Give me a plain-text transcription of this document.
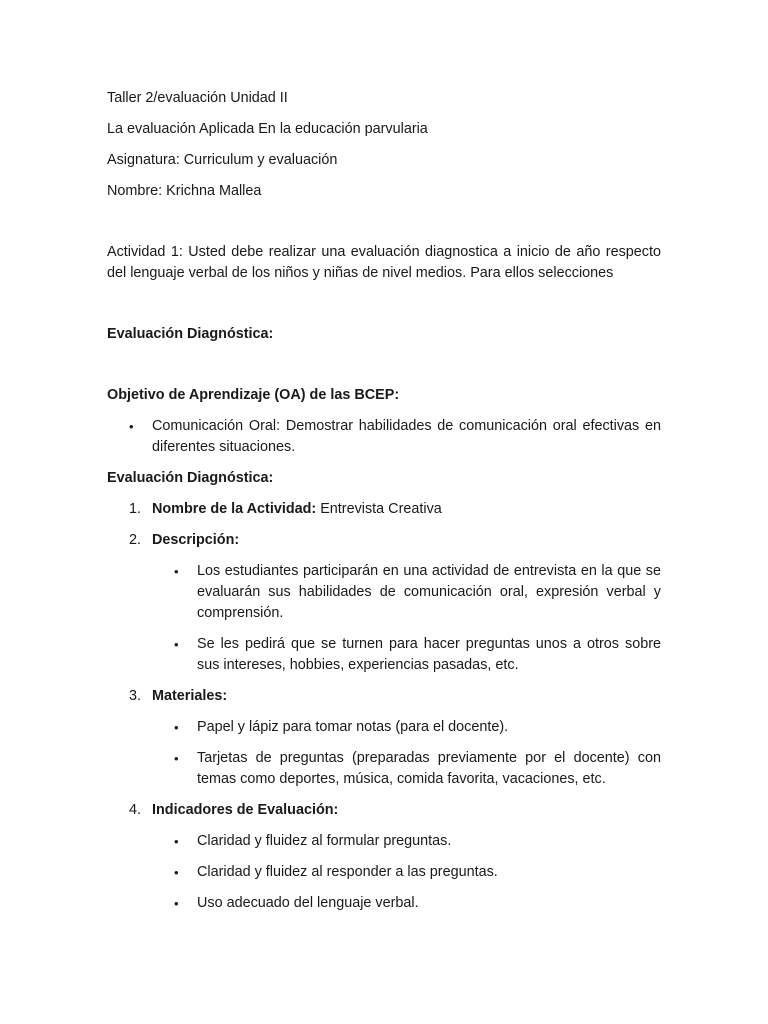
Taller 2/evaluación Unidad II

La evaluación Aplicada En la educación parvularia

Asignatura: Curriculum y evaluación

Nombre: Krichna Mallea

Actividad 1: Usted debe realizar una evaluación diagnostica a inicio de año respecto del lenguaje verbal de los niños y niñas de nivel medios. Para ellos selecciones

Evaluación Diagnóstica:

Objetivo de Aprendizaje (OA) de las BCEP:

• Comunicación Oral: Demostrar habilidades de comunicación oral efectivas en diferentes situaciones.

Evaluación Diagnóstica:

1. Nombre de la Actividad: Entrevista Creativa
2. Descripción:
• Los estudiantes participarán en una actividad de entrevista en la que se evaluarán sus habilidades de comunicación oral, expresión verbal y comprensión.
• Se les pedirá que se turnen para hacer preguntas unos a otros sobre sus intereses, hobbies, experiencias pasadas, etc.
3. Materiales:
• Papel y lápiz para tomar notas (para el docente).
• Tarjetas de preguntas (preparadas previamente por el docente) con temas como deportes, música, comida favorita, vacaciones, etc.
4. Indicadores de Evaluación:
• Claridad y fluidez al formular preguntas.
• Claridad y fluidez al responder a las preguntas.
• Uso adecuado del lenguaje verbal.
